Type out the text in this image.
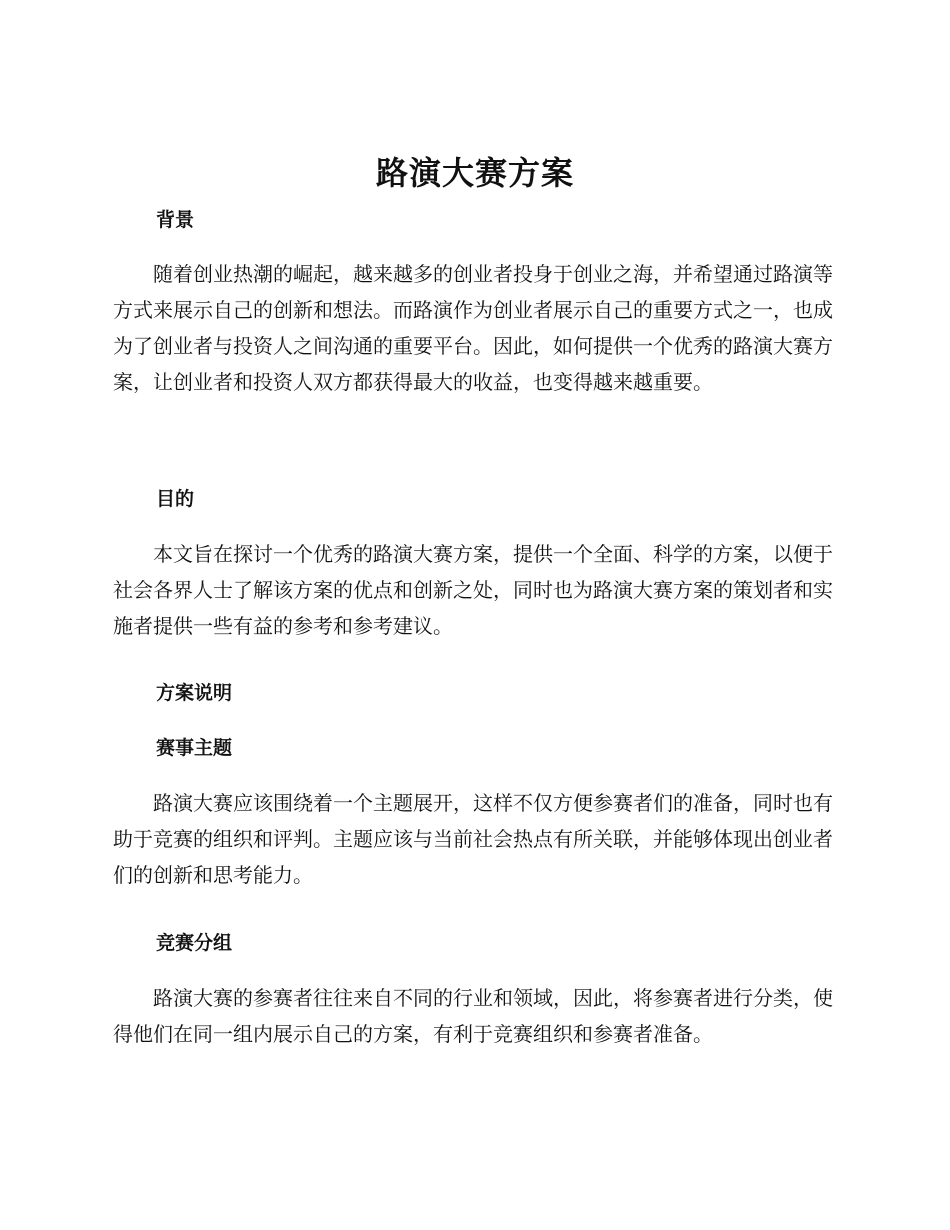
路演大赛方案
背景

随着创业热潮的崛起，越来越多的创业者投身于创业之海，并希望通过路演等方式来展示自己的创新和想法。而路演作为创业者展示自己的重要方式之一，也成为了创业者与投资人之间沟通的重要平台。因此，如何提供一个优秀的路演大赛方案，让创业者和投资人双方都获得最大的收益，也变得越来越重要。

目的

本文旨在探讨一个优秀的路演大赛方案，提供一个全面、科学的方案，以便于社会各界人士了解该方案的优点和创新之处，同时也为路演大赛方案的策划者和实施者提供一些有益的参考和参考建议。

方案说明
赛事主题

路演大赛应该围绕着一个主题展开，这样不仅方便参赛者们的准备，同时也有助于竞赛的组织和评判。主题应该与当前社会热点有所关联，并能够体现出创业者们的创新和思考能力。

竞赛分组

路演大赛的参赛者往往来自不同的行业和领域，因此，将参赛者进行分类，使得他们在同一组内展示自己的方案，有利于竞赛组织和参赛者准备。
